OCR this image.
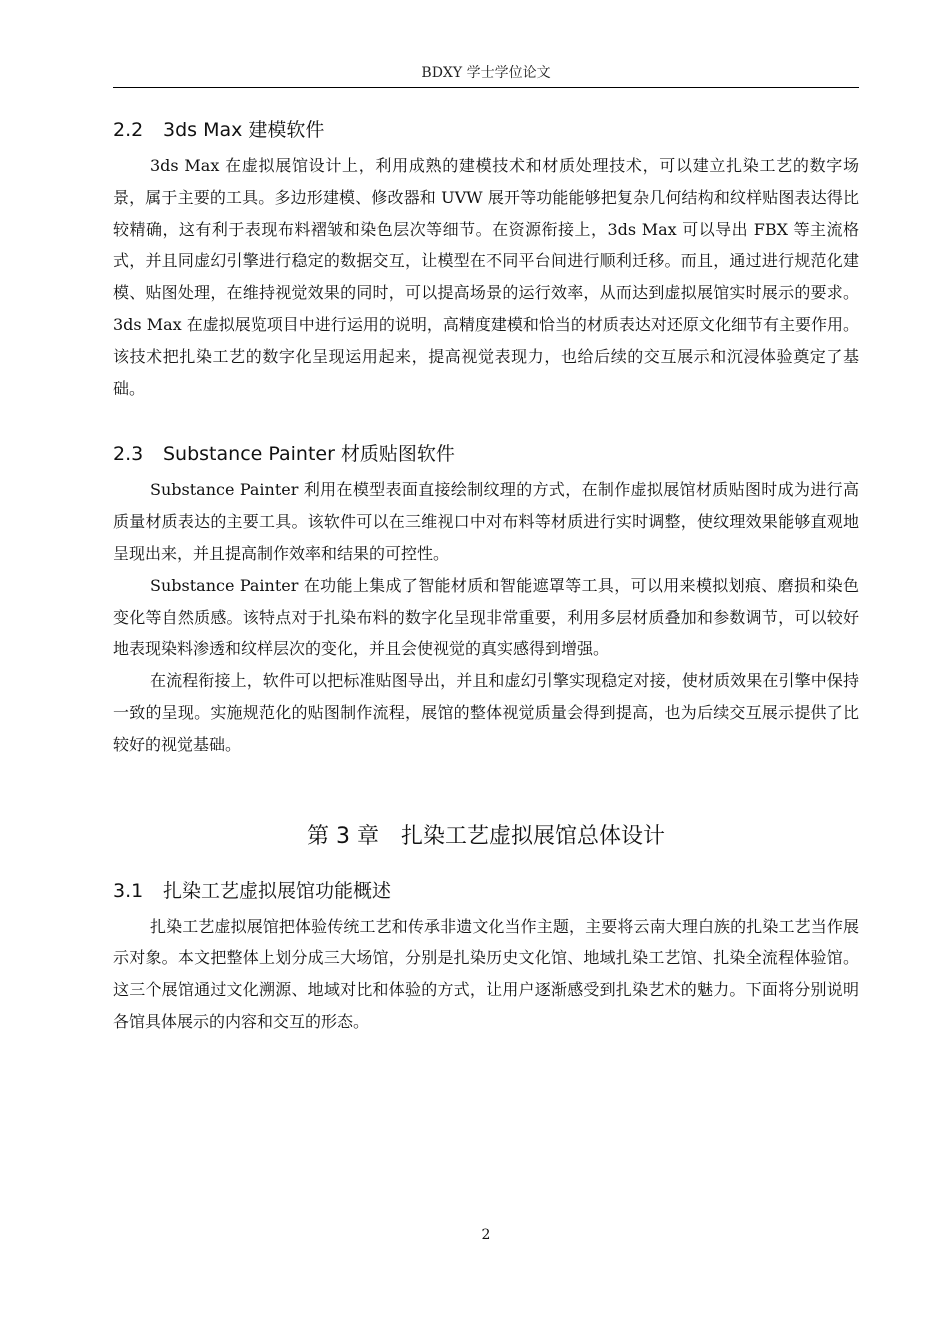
BDXY 学士学位论文
2.2 3ds Max 建模软件

3ds Max 在虚拟展馆设计上，利用成熟的建模技术和材质处理技术，可以建立扎染工艺的数字场景，属于主要的工具。多边形建模、修改器和 UVW 展开等功能能够把复杂几何结构和纹样贴图表达得比较精确，这有利于表现布料褶皱和染色层次等细节。在资源衔接上，3ds Max 可以导出 FBX 等主流格式，并且同虚幻引擎进行稳定的数据交互，让模型在不同平台间进行顺利迁移。而且，通过进行规范化建模、贴图处理，在维持视觉效果的同时，可以提高场景的运行效率，从而达到虚拟展馆实时展示的要求。3ds Max 在虚拟展览项目中进行运用的说明，高精度建模和恰当的材质表达对还原文化细节有主要作用。该技术把扎染工艺的数字化呈现运用起来，提高视觉表现力，也给后续的交互展示和沉浸体验奠定了基础。

2.3 Substance Painter 材质贴图软件

Substance Painter 利用在模型表面直接绘制纹理的方式，在制作虚拟展馆材质贴图时成为进行高质量材质表达的主要工具。该软件可以在三维视口中对布料等材质进行实时调整，使纹理效果能够直观地呈现出来，并且提高制作效率和结果的可控性。

Substance Painter 在功能上集成了智能材质和智能遮罩等工具，可以用来模拟划痕、磨损和染色变化等自然质感。该特点对于扎染布料的数字化呈现非常重要，利用多层材质叠加和参数调节，可以较好地表现染料渗透和纹样层次的变化，并且会使视觉的真实感得到增强。

在流程衔接上，软件可以把标准贴图导出，并且和虚幻引擎实现稳定对接，使材质效果在引擎中保持一致的呈现。实施规范化的贴图制作流程，展馆的整体视觉质量会得到提高，也为后续交互展示提供了比较好的视觉基础。

第 3 章 扎染工艺虚拟展馆总体设计
3.1 扎染工艺虚拟展馆功能概述

扎染工艺虚拟展馆把体验传统工艺和传承非遗文化当作主题，主要将云南大理白族的扎染工艺当作展示对象。本文把整体上划分成三大场馆，分别是扎染历史文化馆、地域扎染工艺馆、扎染全流程体验馆。这三个展馆通过文化溯源、地域对比和体验的方式，让用户逐渐感受到扎染艺术的魅力。下面将分别说明各馆具体展示的内容和交互的形态。

2
